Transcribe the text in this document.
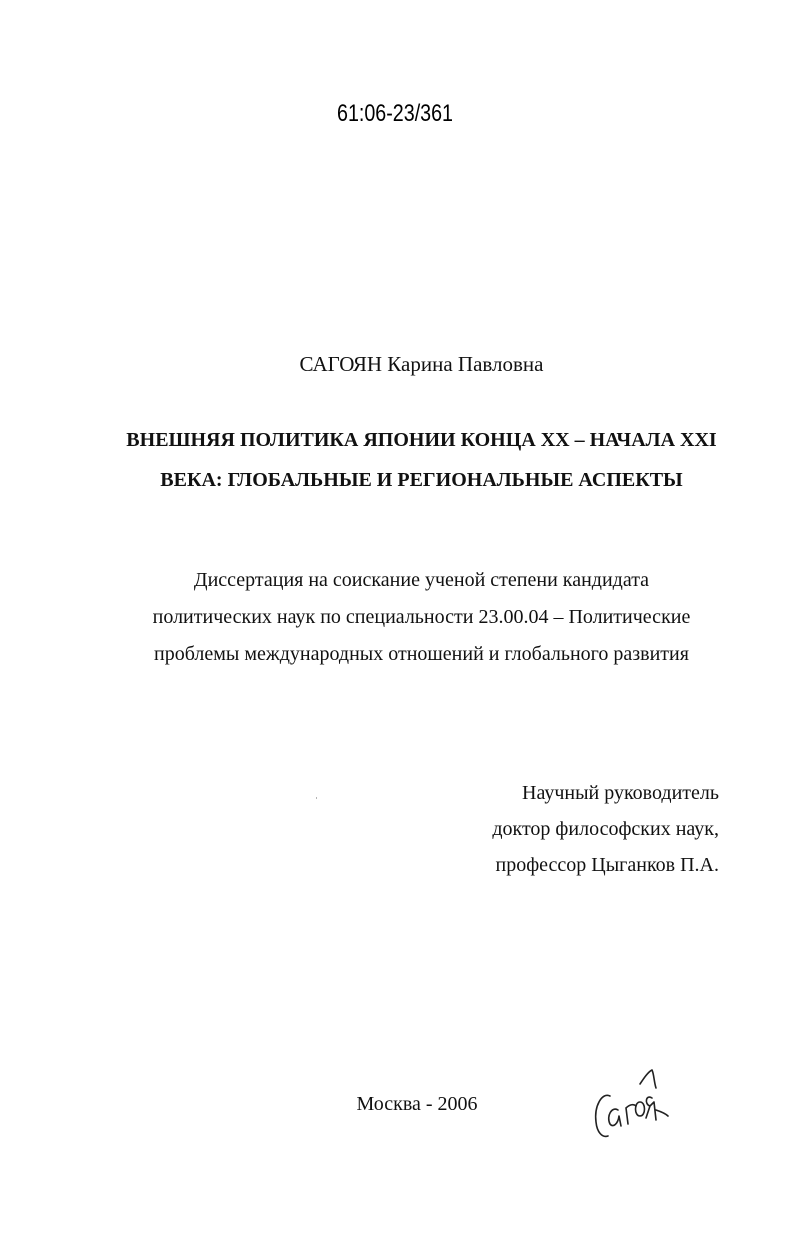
61:06-23/361
САГОЯН Карина Павловна
ВНЕШНЯЯ ПОЛИТИКА ЯПОНИИ КОНЦА XX – НАЧАЛА XXI
ВЕКА: ГЛОБАЛЬНЫЕ И РЕГИОНАЛЬНЫЕ АСПЕКТЫ
Диссертация на соискание ученой степени кандидата
политических наук по специальности 23.00.04 – Политические
проблемы международных отношений и глобального развития
Научный руководитель
доктор философских наук,
профессор Цыганков П.А.
Москва - 2006
